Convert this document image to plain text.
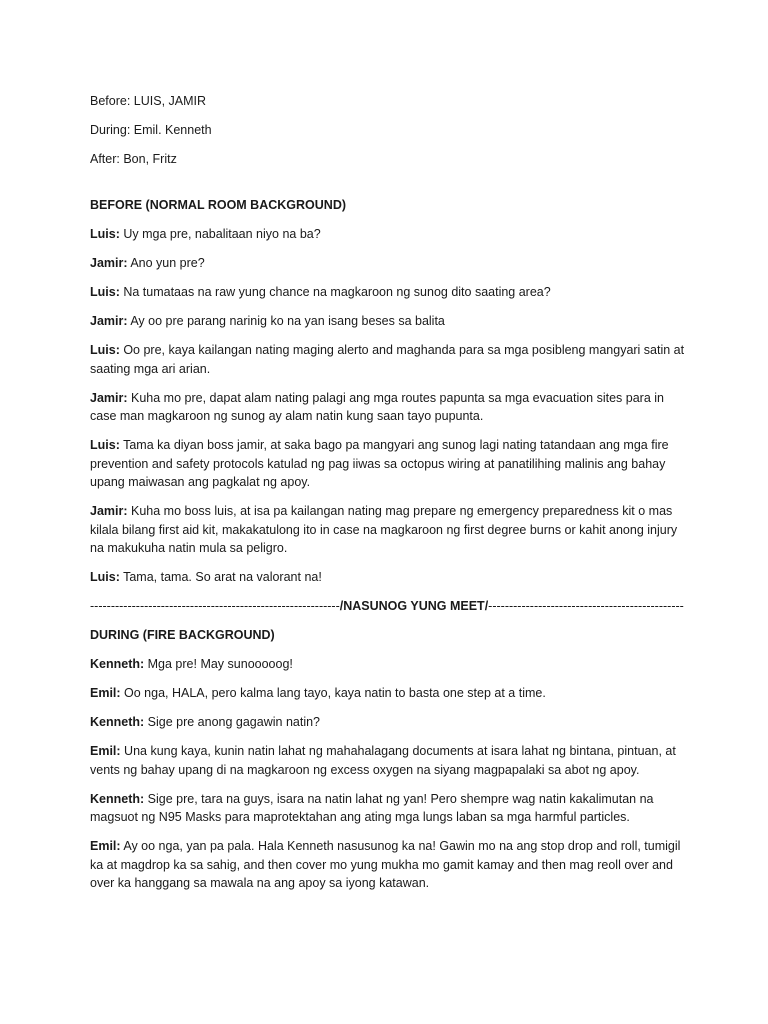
Before: LUIS, JAMIR

During: Emil. Kenneth

After: Bon, Fritz

BEFORE (NORMAL ROOM BACKGROUND)

Luis: Uy mga pre, nabalitaan niyo na ba?

Jamir: Ano yun pre?

Luis: Na tumataas na raw yung chance na magkaroon ng sunog dito saating area?

Jamir: Ay oo pre parang narinig ko na yan isang beses sa balita

Luis: Oo pre, kaya kailangan nating maging alerto and maghanda para sa mga posibleng mangyari satin at saating mga ari arian.

Jamir: Kuha mo pre, dapat alam nating palagi ang mga routes papunta sa mga evacuation sites para in case man magkaroon ng sunog ay alam natin kung saan tayo pupunta.

Luis: Tama ka diyan boss jamir, at saka bago pa mangyari ang sunog lagi nating tatandaan ang mga fire prevention and safety protocols katulad ng pag iiwas sa octopus wiring at panatilihing malinis ang bahay upang maiwasan ang pagkalat ng apoy.

Jamir: Kuha mo boss luis, at isa pa kailangan nating mag prepare ng emergency preparedness kit o mas kilala bilang first aid kit, makakatulong ito in case na magkaroon ng first degree burns or kahit anong injury na makukuha natin mula sa peligro.

Luis: Tama, tama. So arat na valorant na!

------------------------------------------------------------/NASUNOG YUNG MEET/-----------------------------------------------

DURING (FIRE BACKGROUND)

Kenneth: Mga pre! May sunooooog!

Emil: Oo nga, HALA, pero kalma lang tayo, kaya natin to basta one step at a time.

Kenneth: Sige pre anong gagawin natin?

Emil: Una kung kaya, kunin natin lahat ng mahahalagang documents at isara lahat ng bintana, pintuan, at vents ng bahay upang di na magkaroon ng excess oxygen na siyang magpapalaki sa abot ng apoy.

Kenneth: Sige pre, tara na guys, isara na natin lahat ng yan! Pero shempre wag natin kakalimutan na magsuot ng N95 Masks para maprotektahan ang ating mga lungs laban sa mga harmful particles.

Emil: Ay oo nga, yan pa pala. Hala Kenneth nasusunog ka na! Gawin mo na ang stop drop and roll, tumigil ka at magdrop ka sa sahig, and then cover mo yung mukha mo gamit kamay and then mag reoll over and over ka hanggang sa mawala na ang apoy sa iyong katawan.
